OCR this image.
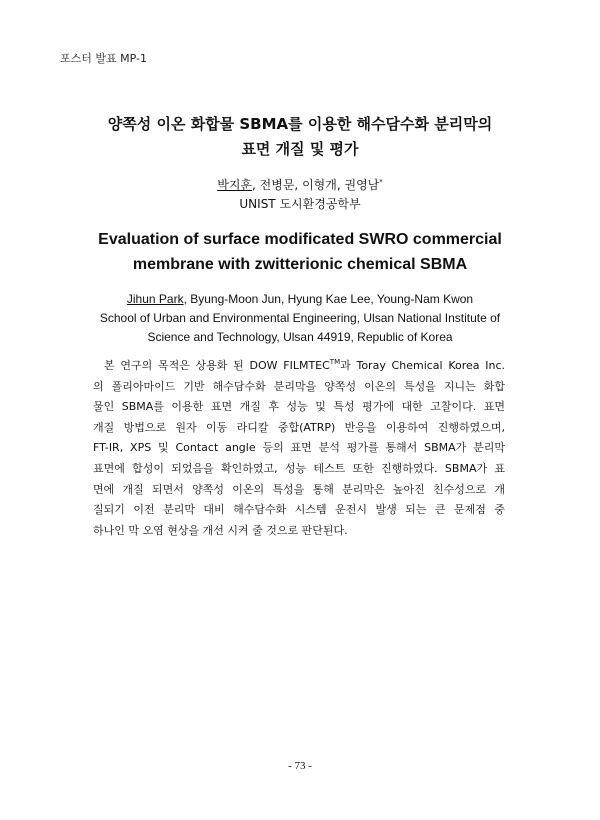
포스터 발표 MP-1
양쪽성 이온 화합물 SBMA를 이용한 해수담수화 분리막의
표면 개질 및 평가
박지훈, 전병문, 이형개, 권영남*
UNIST 도시환경공학부
Evaluation of surface modificated SWRO commercial
membrane with zwitterionic chemical SBMA
Jihun Park, Byung-Moon Jun, Hyung Kae Lee, Young-Nam Kwon
School of Urban and Environmental Engineering, Ulsan National Institute of
Science and Technology, Ulsan 44919, Republic of Korea
본 연구의 목적은 상용화 된 DOW FILMTEC™과 Toray Chemical Korea Inc.
의 폴리아마이드 기반 해수담수화 분리막을 양쪽성 이온의 특성을 지니는 화합
물인 SBMA를 이용한 표면 개질 후 성능 및 특성 평가에 대한 고찰이다. 표면
개질 방법으로 원자 이동 라디칼 중합(ATRP) 반응을 이용하여 진행하였으며,
FT-IR, XPS 및 Contact angle 등의 표면 분석 평가를 통해서 SBMA가 분리막
표면에 합성이 되었음을 확인하였고, 성능 테스트 또한 진행하였다. SBMA가 표
면에 개질 되면서 양쪽성 이온의 특성을 통해 분리막은 높아진 친수성으로 개
질되기 이전 분리막 대비 해수담수화 시스템 운전시 발생 되는 큰 문제점 중
하나인 막 오염 현상을 개선 시켜 줄 것으로 판단된다.
- 73 -
